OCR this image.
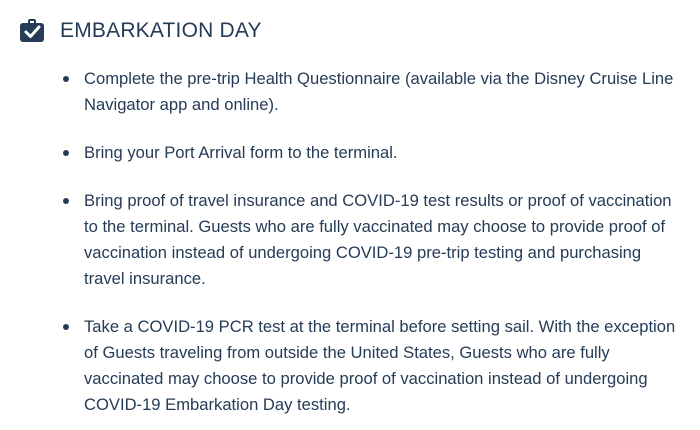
EMBARKATION DAY
Complete the pre-trip Health Questionnaire (available via the Disney Cruise Line Navigator app and online).
Bring your Port Arrival form to the terminal.
Bring proof of travel insurance and COVID-19 test results or proof of vaccination to the terminal. Guests who are fully vaccinated may choose to provide proof of vaccination instead of undergoing COVID-19 pre-trip testing and purchasing travel insurance.
Take a COVID-19 PCR test at the terminal before setting sail. With the exception of Guests traveling from outside the United States, Guests who are fully vaccinated may choose to provide proof of vaccination instead of undergoing COVID-19 Embarkation Day testing.
